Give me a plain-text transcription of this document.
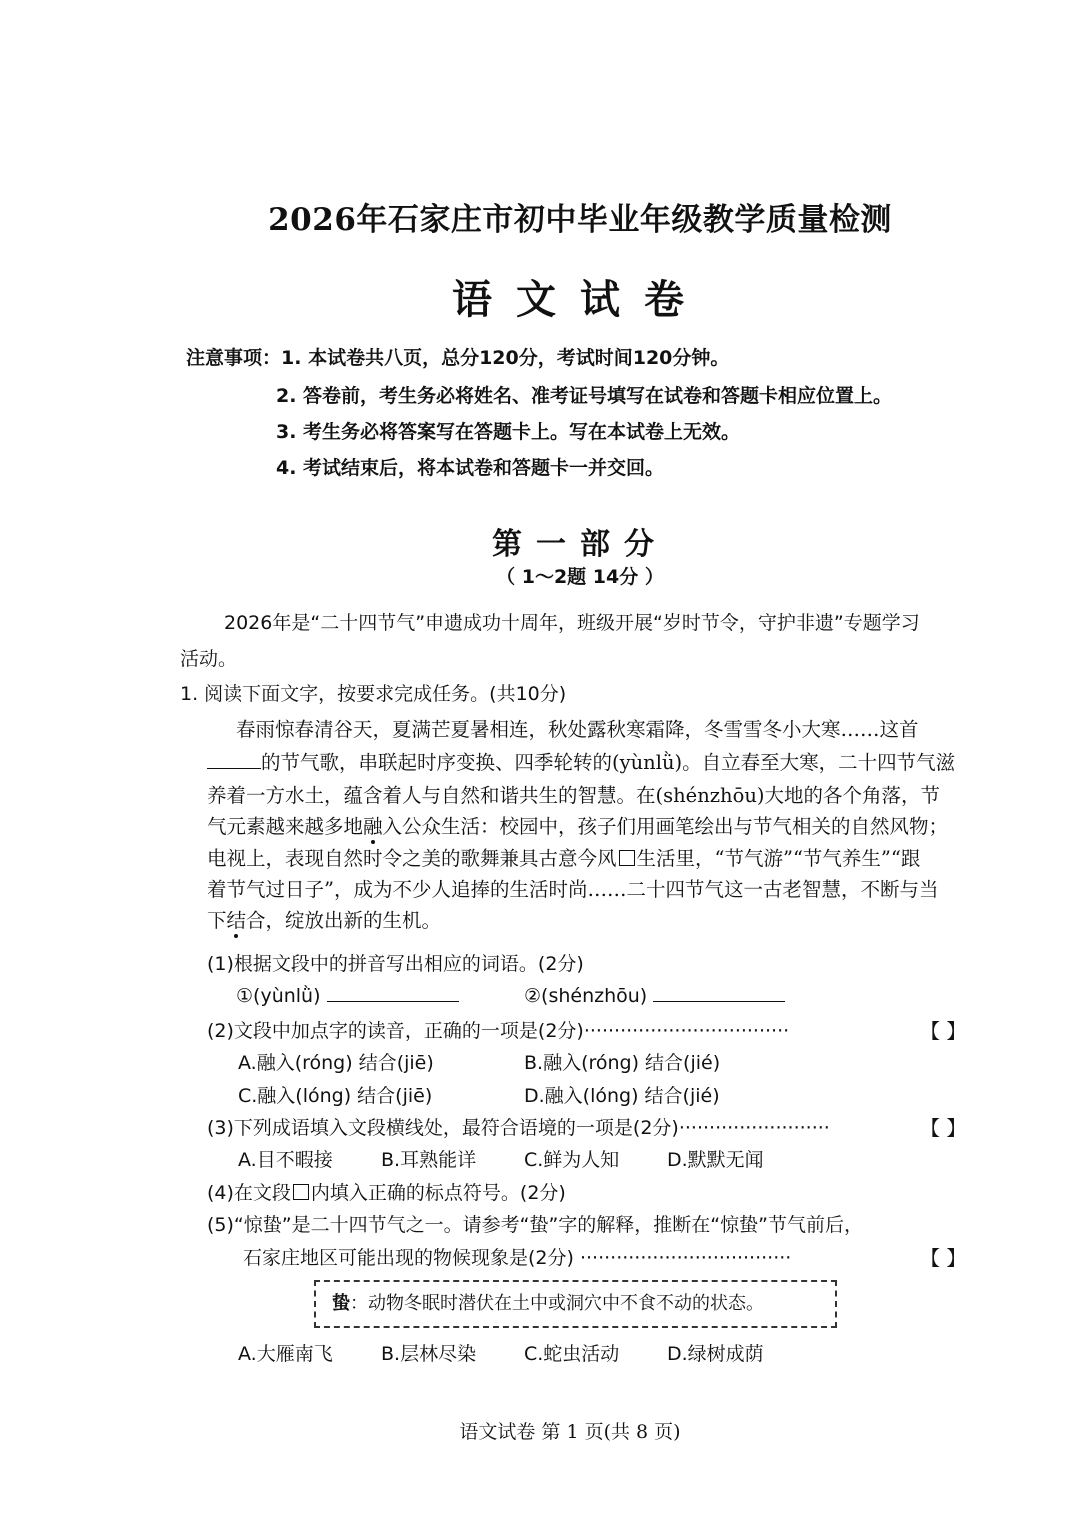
2026年石家庄市初中毕业年级教学质量检测
语文试卷
注意事项：1. 本试卷共八页，总分120分，考试时间120分钟。
2. 答卷前，考生务必将姓名、准考证号填写在试卷和答题卡相应位置上。
3. 考生务必将答案写在答题卡上。写在本试卷上无效。
4. 考试结束后，将本试卷和答题卡一并交回。
第一部分
（ 1～2题 14分 ）
2026年是“二十四节气”申遗成功十周年，班级开展“岁时节令，守护非遗”专题学习
活动。
1. 阅读下面文字，按要求完成任务。(共10分)
春雨惊春清谷天，夏满芒夏暑相连，秋处露秋寒霜降，冬雪雪冬小大寒……这首
的节气歌，串联起时序变换、四季轮转的(yùnlǜ)。自立春至大寒，二十四节气滋
养着一方水土，蕴含着人与自然和谐共生的智慧。在(shénzhōu)大地的各个角落，节
气元素越来越多地融入公众生活：校园中，孩子们用画笔绘出与节气相关的自然风物；
电视上，表现自然时令之美的歌舞兼具古意今风 生活里，“节气游”“节气养生”“跟
着节气过日子”，成为不少人追捧的生活时尚……二十四节气这一古老智慧，不断与当
下结合，绽放出新的生机。
(1)根据文段中的拼音写出相应的词语。(2分)
①(yùnlǜ)	②(shénzhōu)
(2)文段中加点字的读音，正确的一项是(2分)··································	【 】
A.融入(róng) 结合(jiē)	B.融入(róng) 结合(jié)
C.融入(lóng) 结合(jiē)	D.融入(lóng) 结合(jié)
(3)下列成语填入文段横线处，最符合语境的一项是(2分)·························	【 】
A.目不暇接	B.耳熟能详	C.鲜为人知	D.默默无闻
(4)在文段 内填入正确的标点符号。(2分)
(5)“惊蛰”是二十四节气之一。请参考“蛰”字的解释，推断在“惊蛰”节气前后，
石家庄地区可能出现的物候现象是(2分) ···································	【 】
蛰：动物冬眠时潜伏在土中或洞穴中不食不动的状态。
A.大雁南飞	B.层林尽染	C.蛇虫活动	D.绿树成荫
语文试卷 第 1 页(共 8 页)
